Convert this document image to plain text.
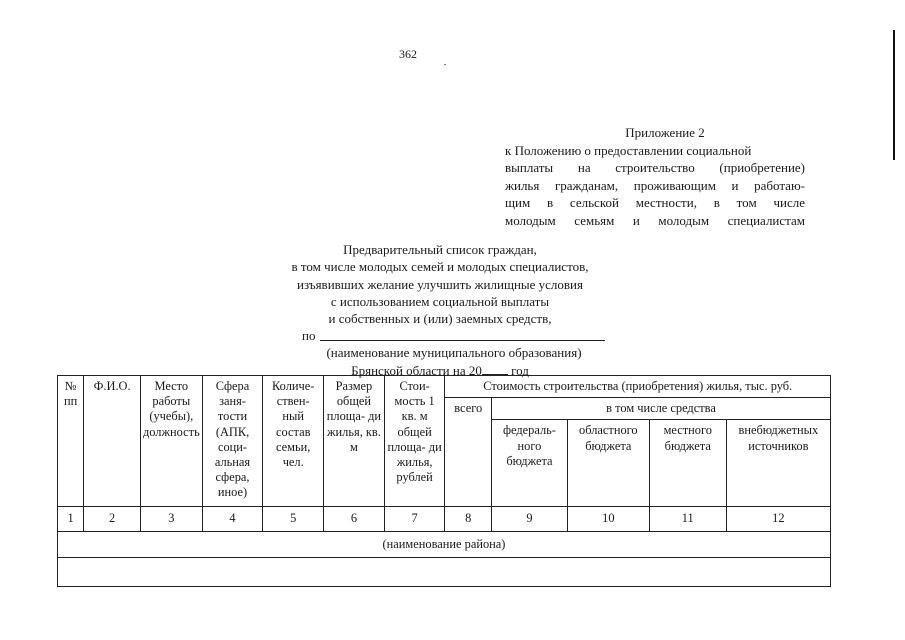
362
Приложение 2
к Положению о предоставлении социальной
выплаты на строительство (приобретение)
жилья гражданам, проживающим и работаю-
щим в сельской местности, в том числе
молодым семьям и молодым специалистам
Предварительный список граждан,
в том числе молодых семей и молодых специалистов,
изъявивших желание улучшить жилищные условия
с использованием социальной выплаты
и собственных и (или) заемных средств,
по
(наименование муниципального образования)
Брянской области на 20 год
№ пп	Ф.И.О.	Место работы (учебы), должность	Сфера заня- тости (АПК, соци- альная сфера, иное)	Количе- ствен- ный состав семьи, чел.	Размер общей площа- ди жилья, кв. м	Стои- мость 1 кв. м общей площа- ди жилья, рублей	Стоимость строительства (приобретения) жилья, тыс. руб.				
							всего	в том числе средства			
								федераль- ного бюджета	областного бюджета	местного бюджета	внебюджетных источников
1	2	3	4	5	6	7	8	9	10	11	12
(наименование района)											
